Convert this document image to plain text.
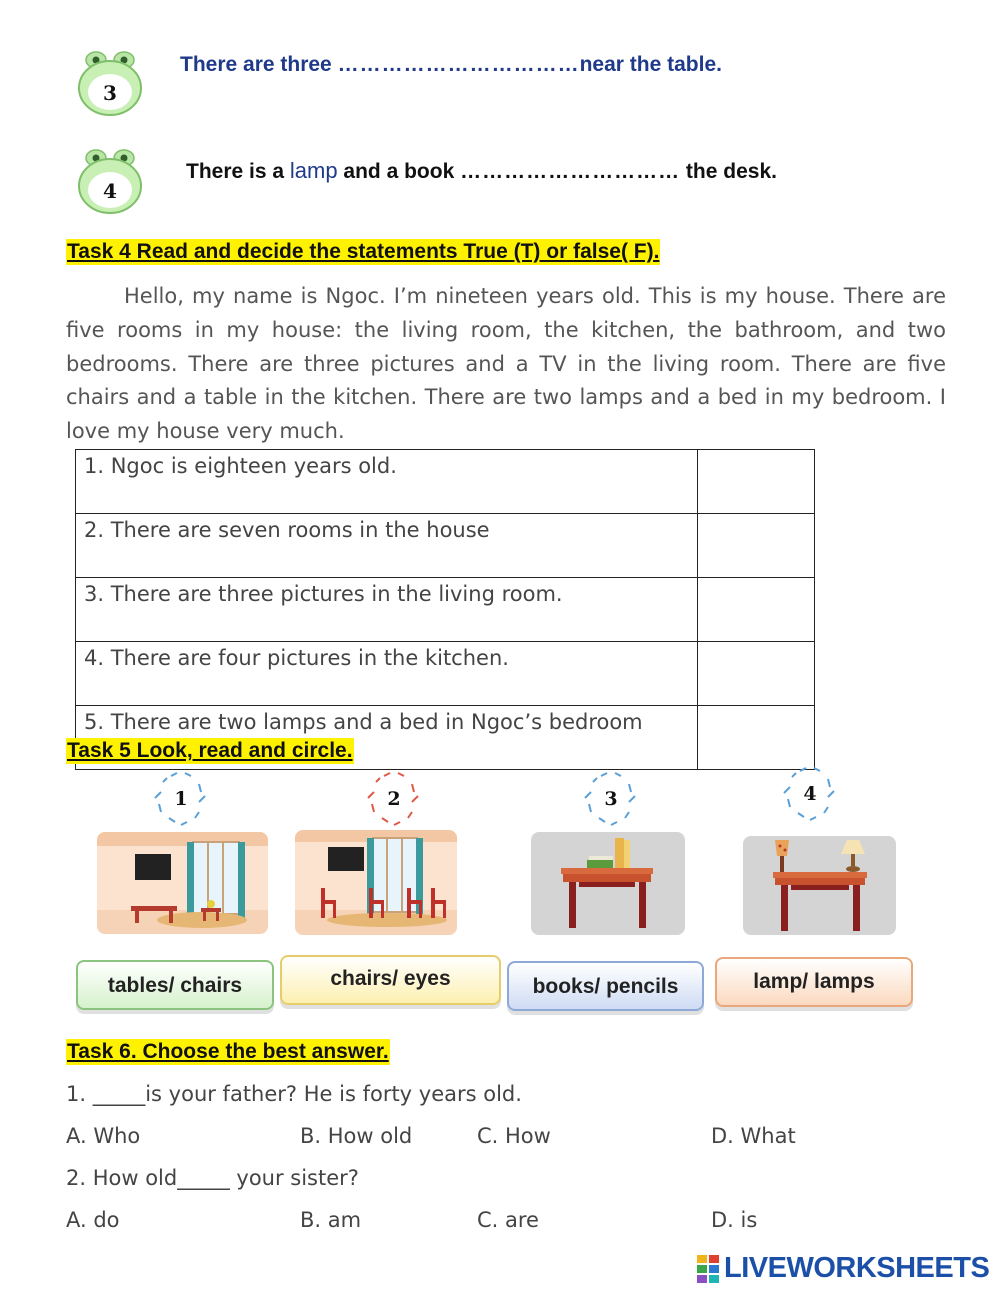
3
There are three ……………………………near the table.
4
There is a lamp and a book ………………………… the desk.
Task 4 Read and decide the statements True (T) or false( F).
Hello, my name is Ngoc. I’m nineteen years old. This is my house. There are five rooms in my house: the living room, the kitchen, the bathroom, and two bedrooms. There are three pictures and a TV in the living room. There are five chairs and a table in the kitchen. There are two lamps and a bed in my bedroom. I love my house very much.
1. Ngoc is eighteen years old.	
2. There are seven rooms in the house	
3. There are three pictures in the living room.	
4. There are four pictures in the kitchen.	
5. There are two lamps and a bed in Ngoc’s bedroom	
Task 5 Look, read and circle.
1	2	3	4
tables/ chairs	chairs/ eyes	books/ pencils	lamp/ lamps
Task 6. Choose the best answer.
1. _____is your father? He is forty years old.
A. Who	B. How old	C. How	D. What
2. How old_____ your sister?
A. do	B. am	C. are	D. is
LIVEWORKSHEETS
